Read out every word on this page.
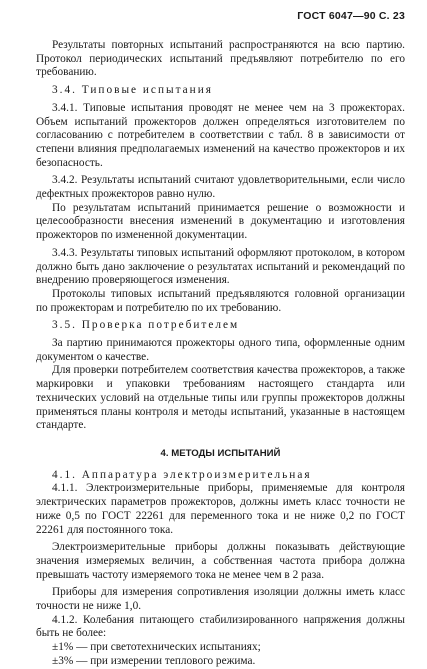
ГОСТ 6047—90 С. 23

Результаты повторных испытаний распространяются на всю партию. Протокол периодических испытаний предъявляют потребителю по его требованию.

3.4. Типовые испытания

3.4.1. Типовые испытания проводят не менее чем на 3 прожекторах. Объем испытаний прожекторов должен определяться изготовителем по согласованию с потребителем в соответствии с табл. 8 в зависимости от степени влияния предполагаемых изменений на качество прожекторов и их безопасность.

3.4.2. Результаты испытаний считают удовлетворительными, если число дефектных прожекторов равно нулю.

По результатам испытаний принимается решение о возможности и целесообразности внесения изменений в документацию и изготовления прожекторов по измененной документации.

3.4.3. Результаты типовых испытаний оформляют протоколом, в котором должно быть дано заключение о результатах испытаний и рекомендаций по внедрению проверяющегося изменения.

Протоколы типовых испытаний предъявляются головной организации по прожекторам и потребителю по их требованию.

3.5. Проверка потребителем

За партию принимаются прожекторы одного типа, оформленные одним документом о качестве.

Для проверки потребителем соответствия качества прожекторов, а также маркировки и упаковки требованиям настоящего стандарта или технических условий на отдельные типы или группы прожекторов должны применяться планы контроля и методы испытаний, указанные в настоящем стандарте.

4. МЕТОДЫ ИСПЫТАНИЙ

4.1. Аппаратура электроизмерительная

4.1.1. Электроизмерительные приборы, применяемые для контроля электрических параметров прожекторов, должны иметь класс точности не ниже 0,5 по ГОСТ 22261 для переменного тока и не ниже 0,2 по ГОСТ 22261 для постоянного тока.

Электроизмерительные приборы должны показывать действующие значения измеряемых величин, а собственная частота прибора должна превышать частоту измеряемого тока не менее чем в 2 раза.

Приборы для измерения сопротивления изоляции должны иметь класс точности не ниже 1,0.

4.1.2. Колебания питающего стабилизированного напряжения должны быть не более:

±1% — при светотехнических испытаниях;

±3% — при измерении теплового режима.
